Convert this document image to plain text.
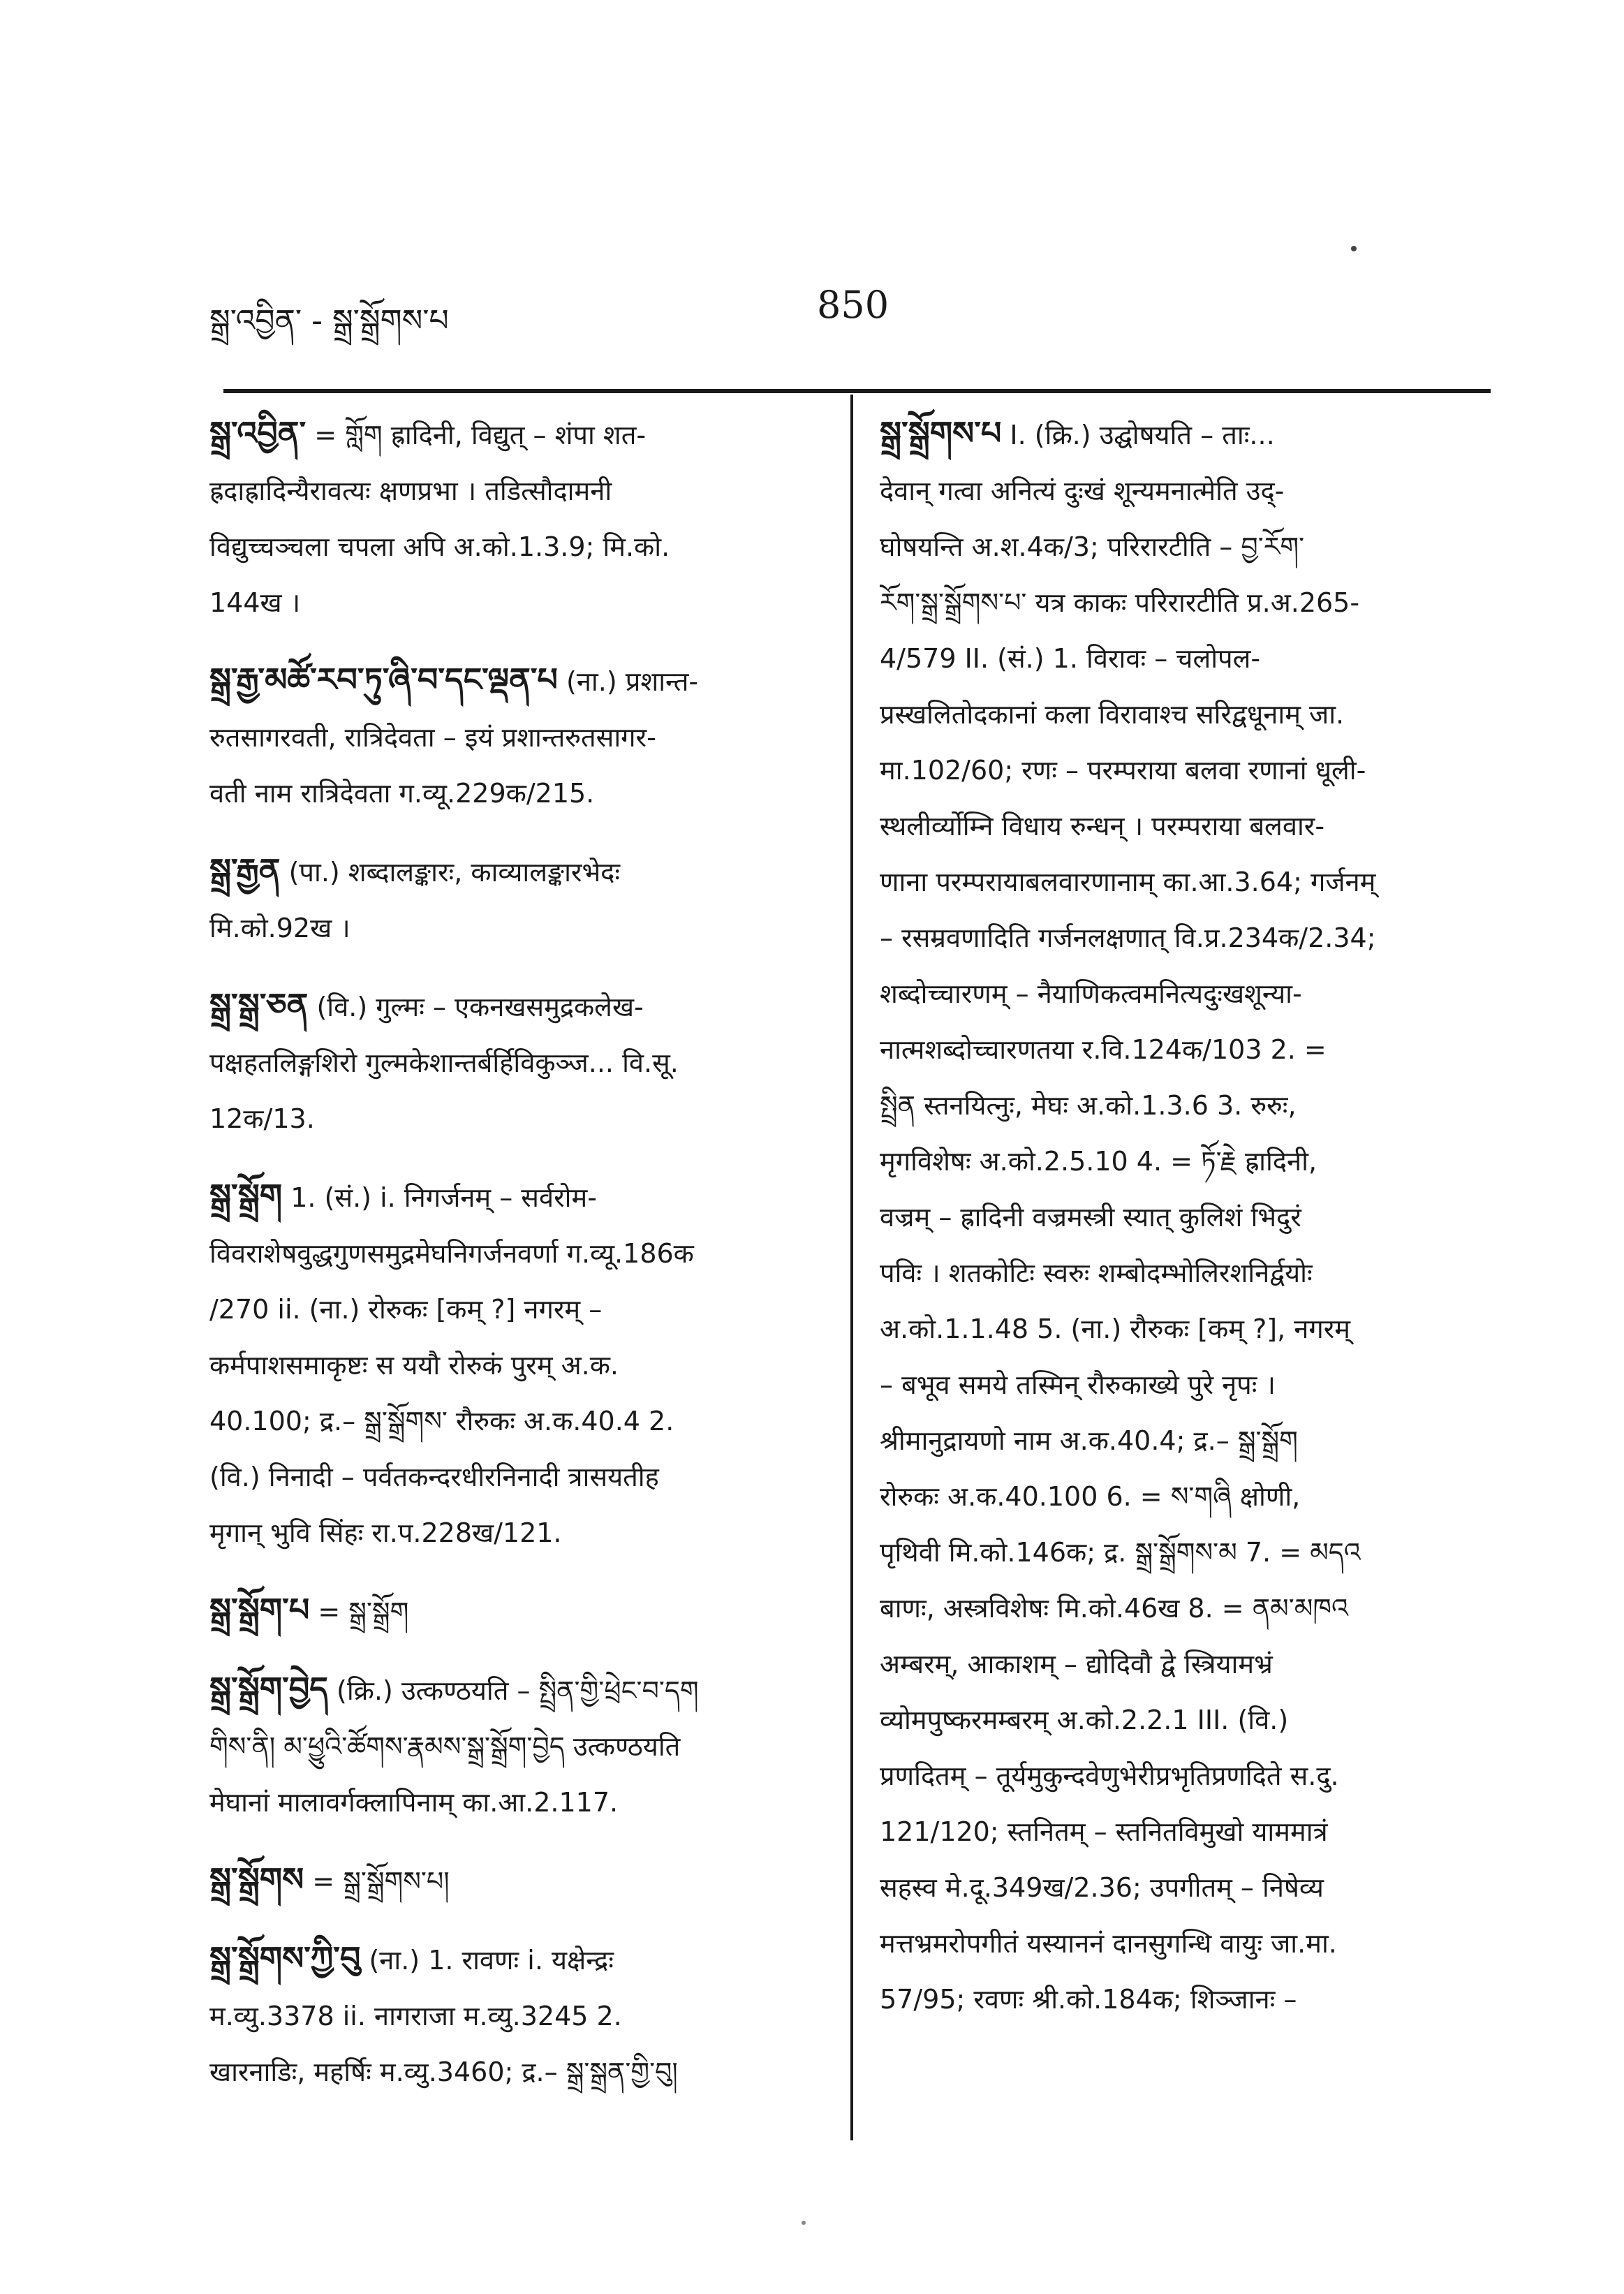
སྒྲ་འབྱིན་ - སྒྲ་སྒྲོགས་པ	850
སྒྲ་འབྱིན་ = གློག ह्रादिनी, विद्युत् – शंपा शत-
ह्रदाह्रादिन्यैरावत्यः क्षणप्रभा । तडित्सौदामनी
विद्युच्चञ्चला चपला अपि अ.को.1.3.9; मि.को.
144ख ।
སྒྲ་རྒྱ་མཚོ་རབ་ཏུ་ཞི་བ་དང་ལྡན་པ (ना.) प्रशान्त-
रुतसागरवती, रात्रिदेवता – इयं प्रशान्तरुतसागर-
वती नाम रात्रिदेवता ग.व्यू.229क/215.
སྒྲ་རྒྱན (पा.) शब्दालङ्कारः, काव्यालङ्कारभेदः
मि.को.92ख ।
སྒྲ་སྒྲ་ཅན (वि.) गुल्मः – एकनखसमुद्रकलेख-
पक्षहतलिङ्गशिरो गुल्मकेशान्तर्बर्हिविकुञ्ज... वि.सू.
12क/13.
སྒྲ་སྒྲོག 1. (सं.) i. निगर्जनम् – सर्वरोम-
विवराशेषवुद्धगुणसमुद्रमेघनिगर्जनवर्णा ग.व्यू.186क
/270 ii. (ना.) रोरुकः [कम् ?] नगरम् –
कर्मपाशसमाकृष्टः स ययौ रोरुकं पुरम् अ.क.
40.100; द्र.– སྒྲ་སྒྲོགས་ रौरुकः अ.क.40.4 2.
(वि.) निनादी – पर्वतकन्दरधीरनिनादी त्रासयतीह
मृगान् भुवि सिंहः रा.प.228ख/121.
སྒྲ་སྒྲོག་པ = སྒྲ་སྒྲོག
སྒྲ་སྒྲོག་བྱེད (क्रि.) उत्कण्ठयति – སྤྲིན་གྱི་ཕྲེང་བ་དག
གིས་ནི། མ་ཕྱུའི་ཚོགས་རྣམས་སྒྲ་སྒྲོག་བྱེད उत्कण्ठयति
मेघानां मालावर्गक्लापिनाम् का.आ.2.117.
སྒྲ་སྒྲོགས = སྒྲ་སྒྲོགས་པ།
སྒྲ་སྒྲོགས་ཀྱི་བུ (ना.) 1. रावणः i. यक्षेन्द्रः
म.व्यु.3378 ii. नागराजा म.व्यु.3245 2.
खारनाडिः, महर्षिः म.व्यु.3460; द्र.– སྒྲ་སྒྲན་གྱི་བུ།
སྒྲ་སྒྲོགས་པ I. (क्रि.) उद्घोषयति – ताः...
देवान् गत्वा अनित्यं दुःखं शून्यमनात्मेति उद्-
घोषयन्ति अ.श.4क/3; परिरारटीति – བྱ་རོག་
རོག་སྒྲ་སྒྲོགས་པ་ यत्र काकः परिरारटीति प्र.अ.265-
4/579 II. (सं.) 1. विरावः – चलोपल-
प्रस्खलितोदकानां कला विरावाश्च सरिद्वधूनाम् जा.
मा.102/60; रणः – परम्पराया बलवा रणानां धूली-
स्थलीर्व्योम्नि विधाय रुन्धन् । परम्पराया बलवार-
णाना परम्परायाबलवारणानाम् का.आ.3.64; गर्जनम्
– रसम्रवणादिति गर्जनलक्षणात् वि.प्र.234क/2.34;
शब्दोच्चारणम् – नैयाणिकत्वमनित्यदुःखशून्या-
नात्मशब्दोच्चारणतया र.वि.124क/103 2. =
སྤྲིན स्तनयित्नुः, मेघः अ.को.1.3.6 3. रुरुः,
मृगविशेषः अ.को.2.5.10 4. = ཏོ་རྗེ ह्रादिनी,
वज्रम् – ह्रादिनी वज्रमस्त्री स्यात् कुलिशं भिदुरं
पविः । शतकोटिः स्वरुः शम्बोदम्भोलिरशनिर्द्वयोः
अ.को.1.1.48 5. (ना.) रौरुकः [कम् ?], नगरम्
– बभूव समये तस्मिन् रौरुकाख्ये पुरे नृपः ।
श्रीमानुद्रायणो नाम अ.क.40.4; द्र.– སྒྲ་སྒྲོག
रोरुकः अ.क.40.100 6. = ས་གཞི क्षोणी,
पृथिवी मि.को.146क; द्र. སྒྲ་སྒྲོགས་མ 7. = མདའ
बाणः, अस्त्रविशेषः मि.को.46ख 8. = ནམ་མཁའ
अम्बरम्, आकाशम् – द्योदिवौ द्वे स्त्रियामभ्रं
व्योमपुष्करमम्बरम् अ.को.2.2.1 III. (वि.)
प्रणदितम् – तूर्यमुकुन्दवेणुभेरीप्रभृतिप्रणदिते स.दु.
121/120; स्तनितम् – स्तनितविमुखो याममात्रं
सहस्व मे.दू.349ख/2.36; उपगीतम् – निषेव्य
मत्तभ्रमरोपगीतं यस्याननं दानसुगन्धि वायुः जा.मा.
57/95; रवणः श्री.को.184क; शिञ्जानः –
